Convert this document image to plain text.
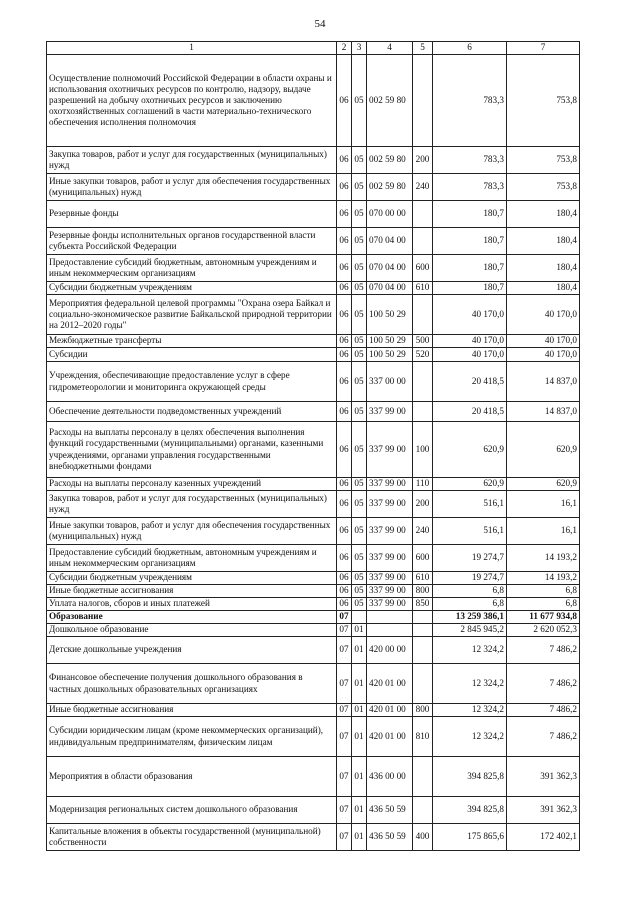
54
1	2	3	4	5	6	7
Осуществление полномочий Российской Федерации в области охраны и использования охотничьих ресурсов по контролю, надзору, выдаче разрешений на добычу охотничьих ресурсов и заключению охотхозяйственных соглашений в части материально-технического обеспечения исполнения полномочия	06	05	002 59 80		783,3	753,8
Закупка товаров, работ и услуг для государственных (муниципальных) нужд	06	05	002 59 80	200	783,3	753,8
Иные закупки товаров, работ и услуг для обеспечения государственных (муниципальных) нужд	06	05	002 59 80	240	783,3	753,8
Резервные фонды	06	05	070 00 00		180,7	180,4
Резервные фонды исполнительных органов государственной власти субъекта Российской Федерации	06	05	070 04 00		180,7	180,4
Предоставление субсидий бюджетным, автономным учреждениям и иным некоммерческим организациям	06	05	070 04 00	600	180,7	180,4
Субсидии бюджетным учреждениям	06	05	070 04 00	610	180,7	180,4
Мероприятия федеральной целевой программы "Охрана озера Байкал и социально-экономическое развитие Байкальской природной территории на 2012–2020 годы"	06	05	100 50 29		40 170,0	40 170,0
Межбюджетные трансферты	06	05	100 50 29	500	40 170,0	40 170,0
Субсидии	06	05	100 50 29	520	40 170,0	40 170,0
Учреждения, обеспечивающие предоставление услуг в сфере гидрометеорологии и мониторинга окружающей среды	06	05	337 00 00		20 418,5	14 837,0
Обеспечение деятельности подведомственных учреждений	06	05	337 99 00		20 418,5	14 837,0
Расходы на выплаты персоналу в целях обеспечения выполнения функций государственными (муниципальными) органами, казенными учреждениями, органами управления государственными внебюджетными фондами	06	05	337 99 00	100	620,9	620,9
Расходы на выплаты персоналу казенных учреждений	06	05	337 99 00	110	620,9	620,9
Закупка товаров, работ и услуг для государственных (муниципальных) нужд	06	05	337 99 00	200	516,1	16,1
Иные закупки товаров, работ и услуг для обеспечения государственных (муниципальных) нужд	06	05	337 99 00	240	516,1	16,1
Предоставление субсидий бюджетным, автономным учреждениям и иным некоммерческим организациям	06	05	337 99 00	600	19 274,7	14 193,2
Субсидии бюджетным учреждениям	06	05	337 99 00	610	19 274,7	14 193,2
Иные бюджетные ассигнования	06	05	337 99 00	800	6,8	6,8
Уплата налогов, сборов и иных платежей	06	05	337 99 00	850	6,8	6,8
Образование	07				13 259 386,1	11 677 934,8
Дошкольное образование	07	01			2 845 945,2	2 620 052,3
Детские дошкольные учреждения	07	01	420 00 00		12 324,2	7 486,2
Финансовое обеспечение получения дошкольного образования в частных дошкольных образовательных организациях	07	01	420 01 00		12 324,2	7 486,2
Иные бюджетные ассигнования	07	01	420 01 00	800	12 324,2	7 486,2
Субсидии юридическим лицам (кроме некоммерческих организаций), индивидуальным предпринимателям, физическим лицам	07	01	420 01 00	810	12 324,2	7 486,2
Мероприятия в области образования	07	01	436 00 00		394 825,8	391 362,3
Модернизация региональных систем дошкольного образования	07	01	436 50 59		394 825,8	391 362,3
Капитальные вложения в объекты государственной (муниципальной) собственности	07	01	436 50 59	400	175 865,6	172 402,1
